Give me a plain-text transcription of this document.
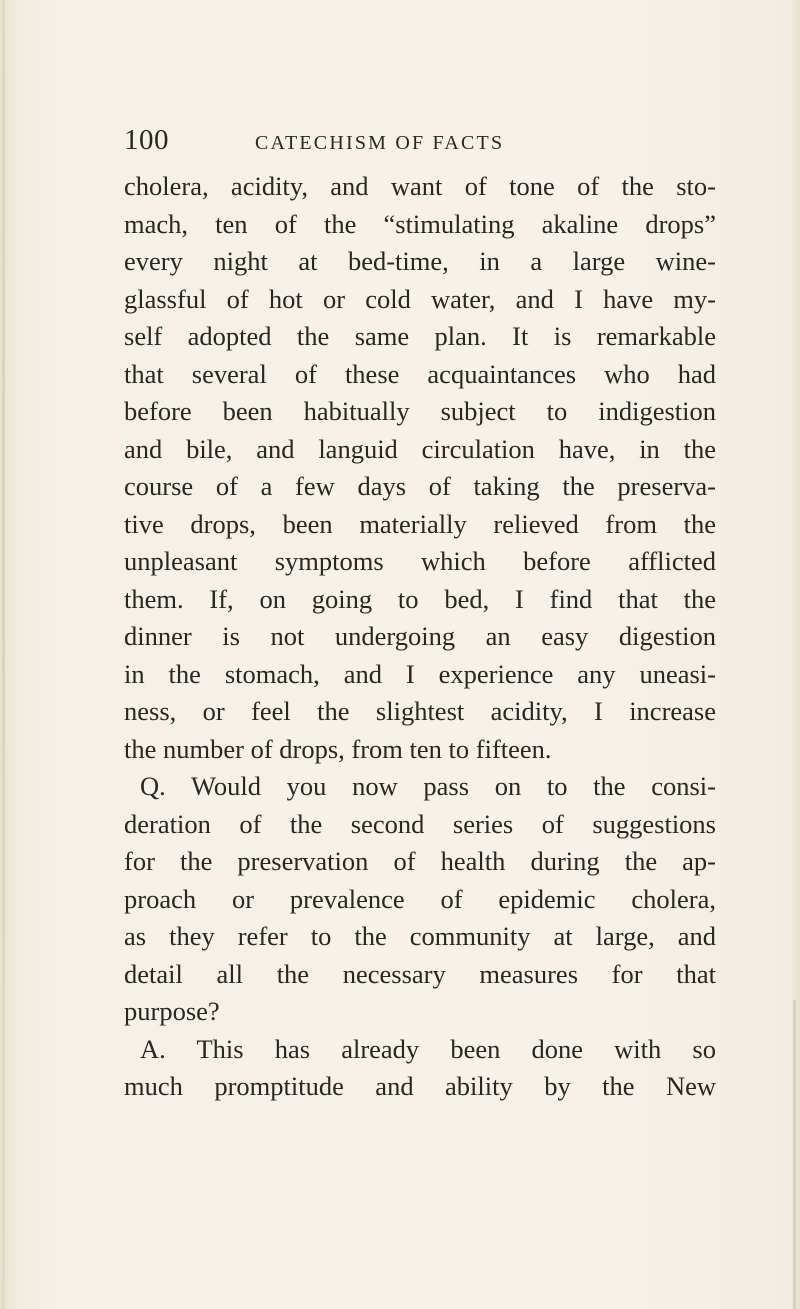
100	CATECHISM OF FACTS
cholera, acidity, and want of tone of the sto-
mach, ten of the “stimulating akaline drops”
every night at bed-time, in a large wine-
glassful of hot or cold water, and I have my-
self adopted the same plan. It is remarkable
that several of these acquaintances who had
before been habitually subject to indigestion
and bile, and languid circulation have, in the
course of a few days of taking the preserva-
tive drops, been materially relieved from the
unpleasant symptoms which before afflicted
them. If, on going to bed, I find that the
dinner is not undergoing an easy digestion
in the stomach, and I experience any uneasi-
ness, or feel the slightest acidity, I increase
the number of drops, from ten to fifteen.
Q. Would you now pass on to the consi-
deration of the second series of suggestions
for the preservation of health during the ap-
proach or prevalence of epidemic cholera,
as they refer to the community at large, and
detail all the necessary measures for that
purpose?
A. This has already been done with so
much promptitude and ability by the New
